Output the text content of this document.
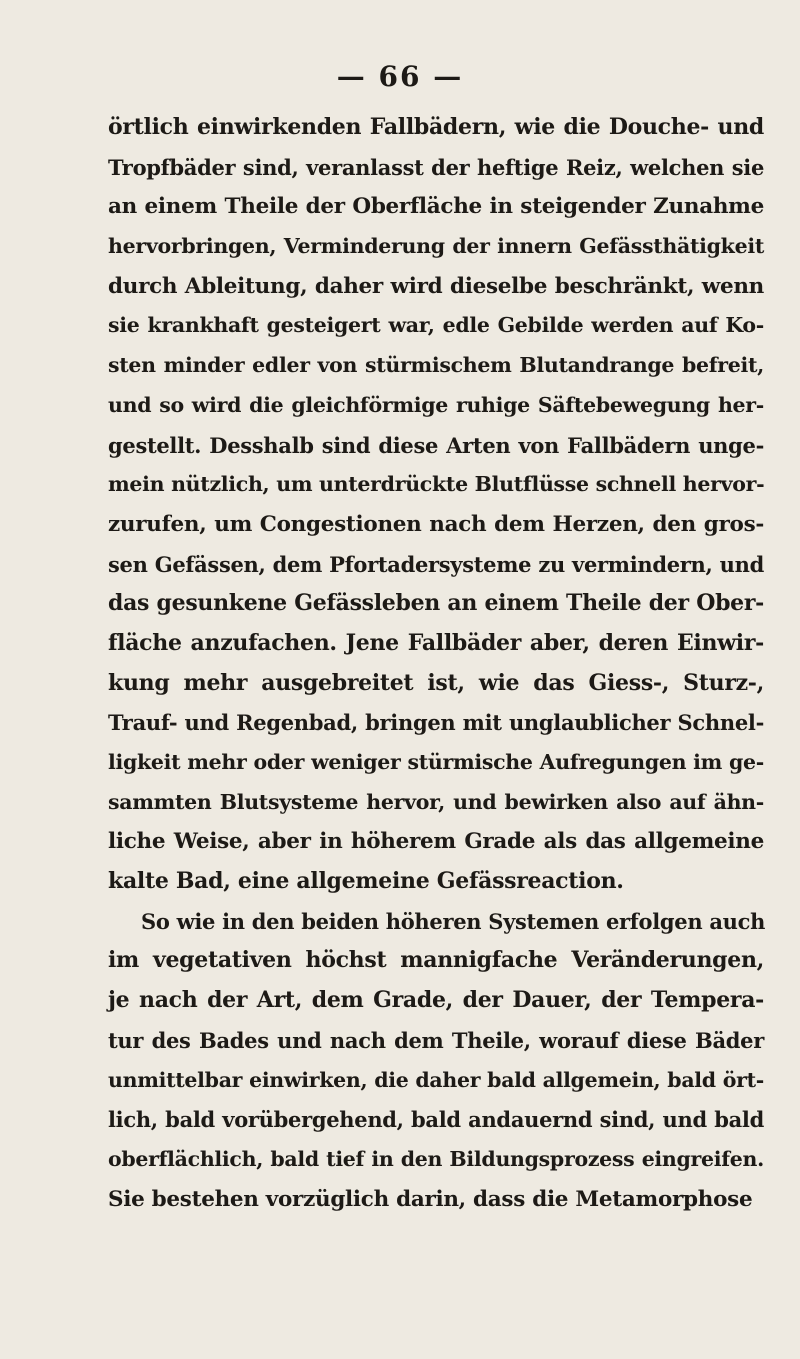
— 66 —
örtlich einwirkenden Fallbädern, wie die Douche- und
Tropfbäder sind, veranlasst der heftige Reiz, welchen sie
an einem Theile der Oberfläche in steigender Zunahme
hervorbringen, Verminderung der innern Gefässthätigkeit
durch Ableitung, daher wird dieselbe beschränkt, wenn
sie krankhaft gesteigert war, edle Gebilde werden auf Ko-
sten minder edler von stürmischem Blutandrange befreit,
und so wird die gleichförmige ruhige Säftebewegung her-
gestellt. Desshalb sind diese Arten von Fallbädern unge-
mein nützlich, um unterdrückte Blutflüsse schnell hervor-
zurufen, um Congestionen nach dem Herzen, den gros-
sen Gefässen, dem Pfortadersysteme zu vermindern, und
das gesunkene Gefässleben an einem Theile der Ober-
fläche anzufachen. Jene Fallbäder aber, deren Einwir-
kung mehr ausgebreitet ist, wie das Giess-, Sturz-,
Trauf- und Regenbad, bringen mit unglaublicher Schnel-
ligkeit mehr oder weniger stürmische Aufregungen im ge-
sammten Blutsysteme hervor, und bewirken also auf ähn-
liche Weise, aber in höherem Grade als das allgemeine
kalte Bad, eine allgemeine Gefässreaction.
So wie in den beiden höheren Systemen erfolgen auch
im vegetativen höchst mannigfache Veränderungen,
je nach der Art, dem Grade, der Dauer, der Tempera-
tur des Bades und nach dem Theile, worauf diese Bäder
unmittelbar einwirken, die daher bald allgemein, bald ört-
lich, bald vorübergehend, bald andauernd sind, und bald
oberflächlich, bald tief in den Bildungsprozess eingreifen.
Sie bestehen vorzüglich darin, dass die Metamorphose
